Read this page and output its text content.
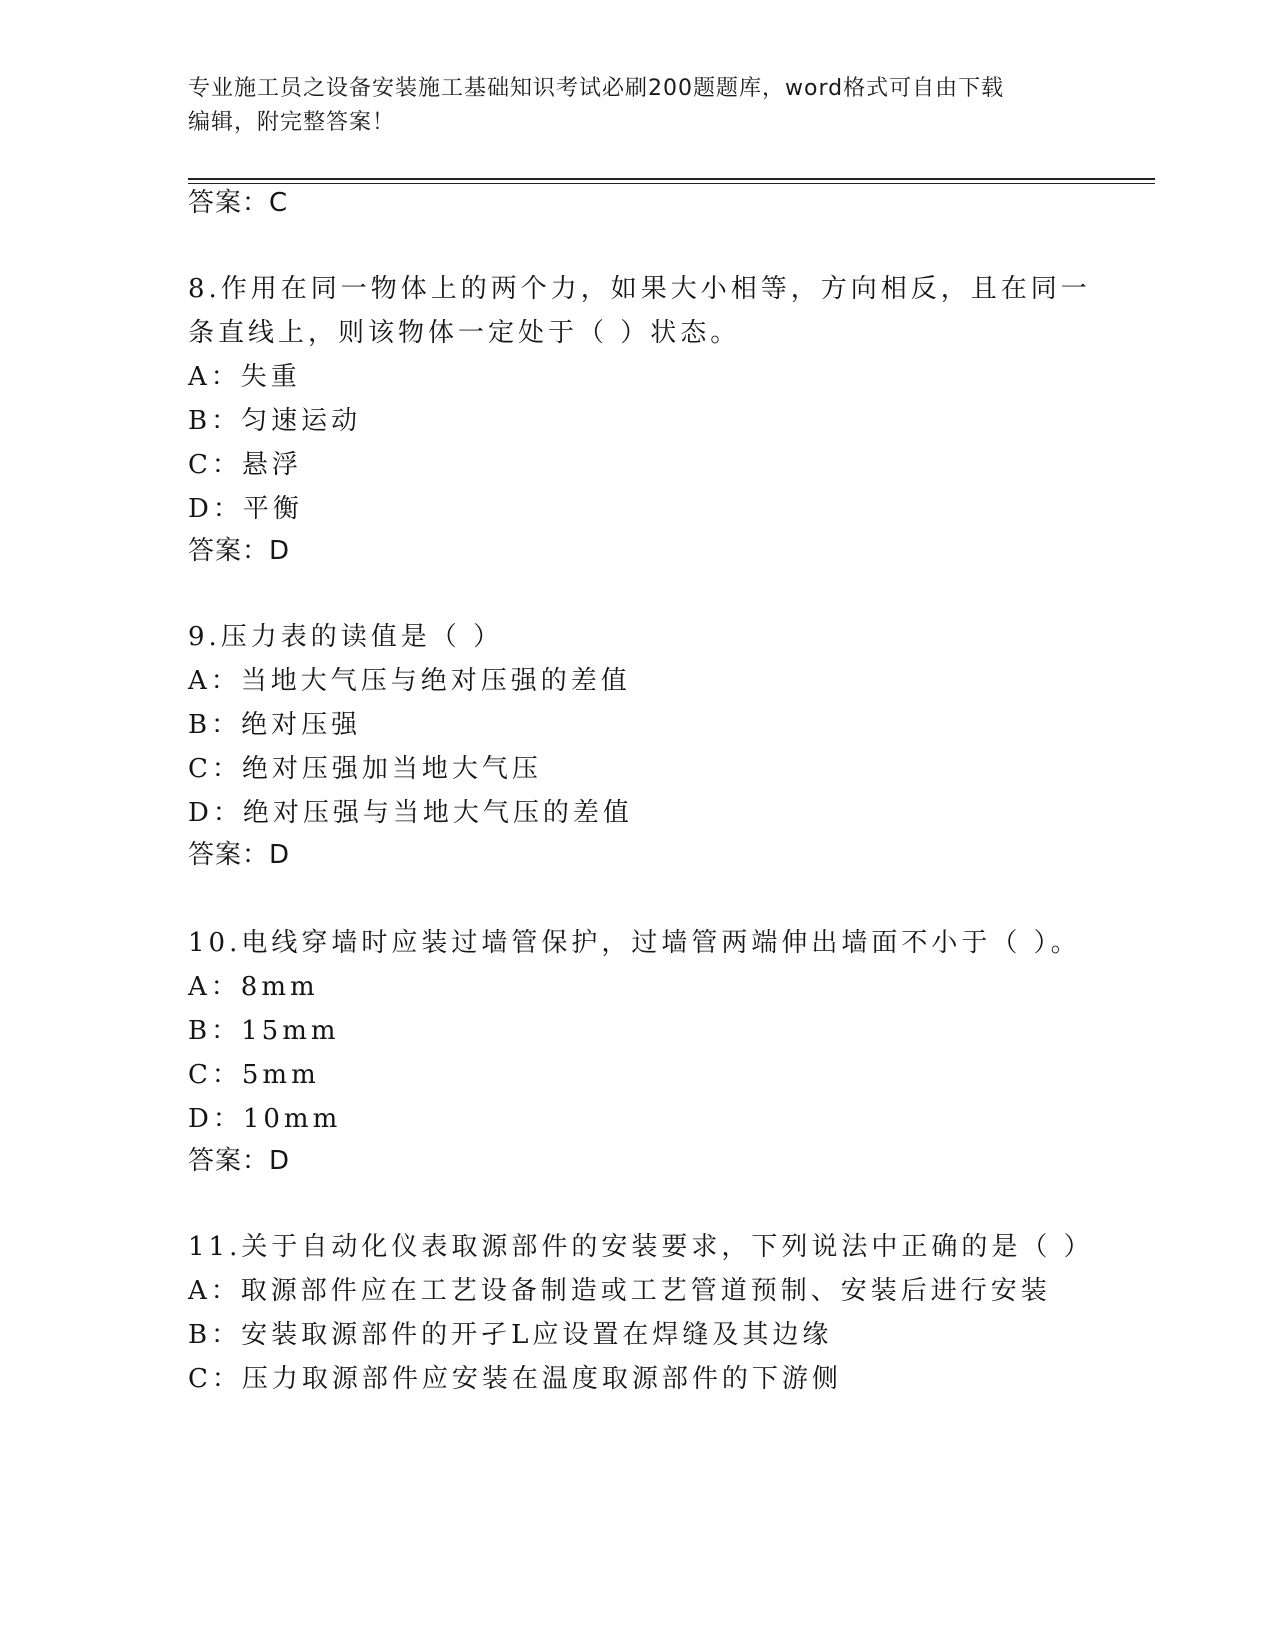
专业施工员之设备安装施工基础知识考试必刷200题题库，word格式可自由下载
编辑，附完整答案！
答案：C
8.作用在同一物体上的两个力，如果大小相等，方向相反，且在同一
条直线上，则该物体一定处于（ ）状态。
A：失重
B：匀速运动
C：悬浮
D：平衡
答案：D
9.压力表的读值是（ ）
A：当地大气压与绝对压强的差值
B：绝对压强
C：绝对压强加当地大气压
D：绝对压强与当地大气压的差值
答案：D
10.电线穿墙时应装过墙管保护，过墙管两端伸出墙面不小于（ ）。
A：8mm
B：15mm
C：5mm
D：10mm
答案：D
11.关于自动化仪表取源部件的安装要求，下列说法中正确的是（ ）
A：取源部件应在工艺设备制造或工艺管道预制、安装后进行安装
B：安装取源部件的开孑L应设置在焊缝及其边缘
C：压力取源部件应安装在温度取源部件的下游侧
